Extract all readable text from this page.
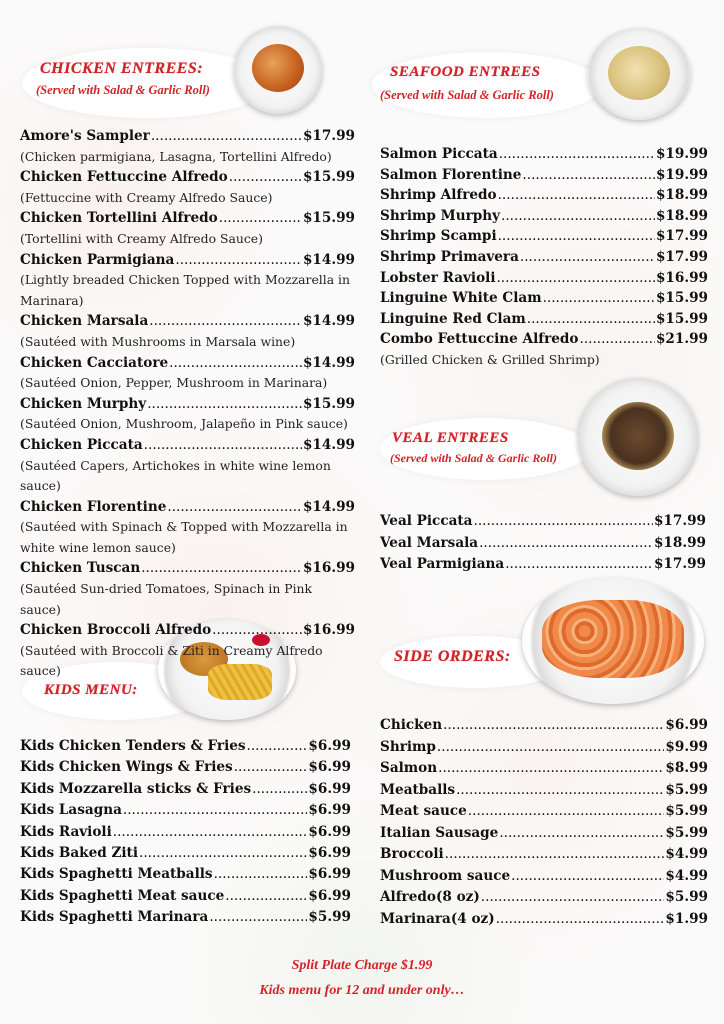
CHICKEN ENTREES:
(Served with Salad & Garlic Roll)
SEAFOOD ENTREES
(Served with Salad & Garlic Roll)
VEAL ENTREES
(Served with Salad & Garlic Roll)
KIDS MENU:
SIDE ORDERS:
Amore's Sampler .....	$17.99
(Chicken parmigiana, Lasagna, Tortellini Alfredo)
Chicken Fettuccine Alfredo .....	$15.99
(Fettuccine with Creamy Alfredo Sauce)
Chicken Tortellini Alfredo .....	$15.99
(Tortellini with Creamy Alfredo Sauce)
Chicken Parmigiana .....	$14.99
(Lightly breaded Chicken Topped with Mozzarella in Marinara)
Chicken Marsala .....	$14.99
(Sautéed with Mushrooms in Marsala wine)
Chicken Cacciatore .....	$14.99
(Sautéed Onion, Pepper, Mushroom in Marinara)
Chicken Murphy .....	$15.99
(Sautéed Onion, Mushroom, Jalapeño in Pink sauce)
Chicken Piccata .....	$14.99
(Sautéed Capers, Artichokes in white wine lemon sauce)
Chicken Florentine .....	$14.99
(Sautéed with Spinach & Topped with Mozzarella in white wine lemon sauce)
Chicken Tuscan .....	$16.99
(Sautéed Sun-dried Tomatoes, Spinach in Pink sauce)
Chicken Broccoli Alfredo .....	$16.99
(Sautéed with Broccoli & Ziti in Creamy Alfredo sauce)
Salmon Piccata .....	$19.99
Salmon Florentine .....	$19.99
Shrimp Alfredo .....	$18.99
Shrimp Murphy .....	$18.99
Shrimp Scampi .....	$17.99
Shrimp Primavera .....	$17.99
Lobster Ravioli .....	$16.99
Linguine White Clam .....	$15.99
Linguine Red Clam .....	$15.99
Combo Fettuccine Alfredo .....	$21.99
(Grilled Chicken & Grilled Shrimp)
Veal Piccata .....	$17.99
Veal Marsala .....	$18.99
Veal Parmigiana .....	$17.99
Kids Chicken Tenders & Fries .....	$6.99
Kids Chicken Wings & Fries .....	$6.99
Kids Mozzarella sticks & Fries .....	$6.99
Kids Lasagna .....	$6.99
Kids Ravioli .....	$6.99
Kids Baked Ziti .....	$6.99
Kids Spaghetti Meatballs .....	$6.99
Kids Spaghetti Meat sauce .....	$6.99
Kids Spaghetti Marinara .....	$5.99
Chicken .....	$6.99
Shrimp .....	$9.99
Salmon .....	$8.99
Meatballs .....	$5.99
Meat sauce .....	$5.99
Italian Sausage .....	$5.99
Broccoli .....	$4.99
Mushroom sauce .....	$4.99
Alfredo(8 oz) .....	$5.99
Marinara(4 oz) .....	$1.99
Split Plate Charge $1.99
Kids menu for 12 and under only…
